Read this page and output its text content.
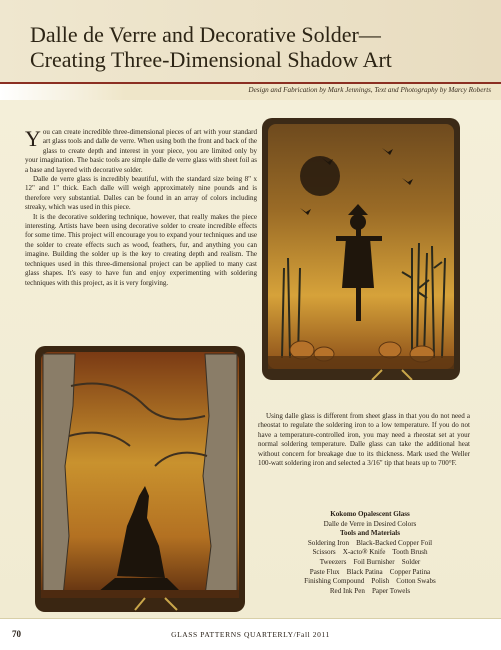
Dalle de Verre and Decorative Solder—
Creating Three-Dimensional Shadow Art
Design and Fabrication by Mark Jennings, Text and Photography by Marcy Roberts

You can create incredible three-dimensional pieces of art with your standard art glass tools and dalle de verre. When using both the front and back of the glass to create depth and interest in your piece, you are limited only by your imagination. The basic tools are simple dalle de verre glass with sheet foil as a base and layered with decorative solder.

Dalle de verre glass is incredibly beautiful, with the standard size being 8" x 12" and 1" thick. Each dalle will weigh approximately nine pounds and is therefore very substantial. Dalles can be found in an array of colors including streaky, which was used in this piece.

It is the decorative soldering technique, however, that really makes the piece interesting. Artists have been using decorative solder to create incredible effects for some time. This project will encourage you to expand your techniques and use the solder to create effects such as wood, feathers, fur, and anything you can imagine. Building the solder up is the key to creating depth and realism. The techniques used in this three-dimensional project can be applied to many cast glass shapes. It's easy to have fun and enjoy experimenting with soldering techniques with this project, as it is very forgiving.

Using dalle glass is different from sheet glass in that you do not need a rheostat to regulate the soldering iron to a low temperature. If you do not have a temperature-controlled iron, you may need a rheostat set at your normal soldering temperature. Dalle glass can take the additional heat without concern for breakage due to its thickness. Mark used the Weller 100-watt soldering iron and selected a 3/16" tip that heats up to 700°F.

Kokomo Opalescent Glass
Dalle de Verre in Desired Colors
Tools and Materials
Soldering Iron    Black-Backed Copper Foil
Scissors    X-acto® Knife    Tooth Brush
Tweezers    Foil Burnisher    Solder
Paste Flux    Black Patina    Copper Patina
Finishing Compound    Polish    Cotton Swabs
Red Ink Pen    Paper Towels
70	GLASS PATTERNS QUARTERLY/Fall 2011
